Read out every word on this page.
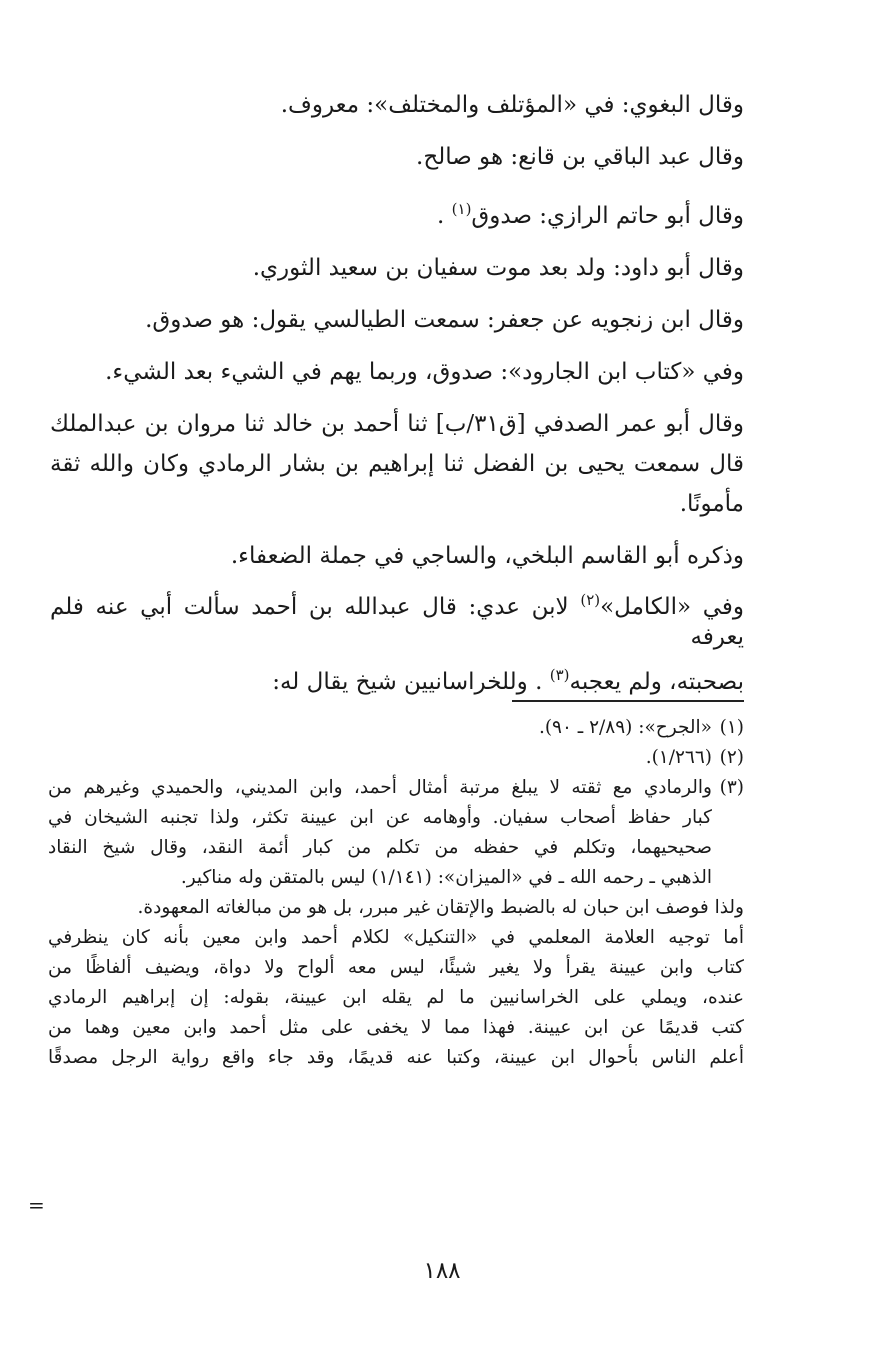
وقال البغوي: في «المؤتلف والمختلف»: معروف.

وقال عبد الباقي بن قانع: هو صالح.

وقال أبو حاتم الرازي: صدوق$^{(١)}$ .

وقال أبو داود: ولد بعد موت سفيان بن سعيد الثوري.

وقال ابن زنجويه عن جعفر: سمعت الطيالسي يقول: هو صدوق.

وفي «كتاب ابن الجارود»: صدوق، وربما يهم في الشيء بعد الشيء.

وقال أبو عمر الصدفي [ق٣١/ب] ثنا أحمد بن خالد ثنا مروان بن عبدالملك

قال سمعت يحيى بن الفضل ثنا إبراهيم بن بشار الرمادي وكان والله ثقة

مأمونًا.

وذكره أبو القاسم البلخي، والساجي في جملة الضعفاء.

وفي «الكامل»$^{(٢)}$ لابن عدي: قال عبدالله بن أحمد سألت أبي عنه فلم يعرفه

بصحبته، ولم يعجبه$^{(٣)}$ . وللخراسانيين شيخ يقال له:

(١)«الجرح»: (٢/٨٩ ـ ٩٠).

(٢)(١/٢٦٦).

(٣)والرمادي مع ثقته لا يبلغ مرتبة أمثال أحمد، وابن المديني، والحميدي وغيرهم من

كبار حفاظ أصحاب سفيان. وأوهامه عن ابن عيينة تكثر، ولذا تجنبه الشيخان في

صحيحيهما، وتكلم في حفظه من تكلم من كبار أئمة النقد، وقال شيخ النقاد

الذهبي ـ رحمه الله ـ في «الميزان»: (١/١٤١) ليس بالمتقن وله مناكير.

ولذا فوصف ابن حبان له بالضبط والإتقان غير مبرر، بل هو من مبالغاته المعهودة.

أما توجيه العلامة المعلمي في «التنكيل» لكلام أحمد وابن معين بأنه كان ينظرفي

كتاب وابن عيينة يقرأ ولا يغير شيئًا، ليس معه ألواح ولا دواة، ويضيف ألفاظًا من

عنده، ويملي على الخراسانيين ما لم يقله ابن عيينة، بقوله: إن إبراهيم الرمادي

كتب قديمًا عن ابن عيينة. فهذا مما لا يخفى على مثل أحمد وابن معين وهما من

أعلم الناس بأحوال ابن عيينة، وكتبا عنه قديمًا، وقد جاء واقع رواية الرجل مصدقًا

=
١٨٨
